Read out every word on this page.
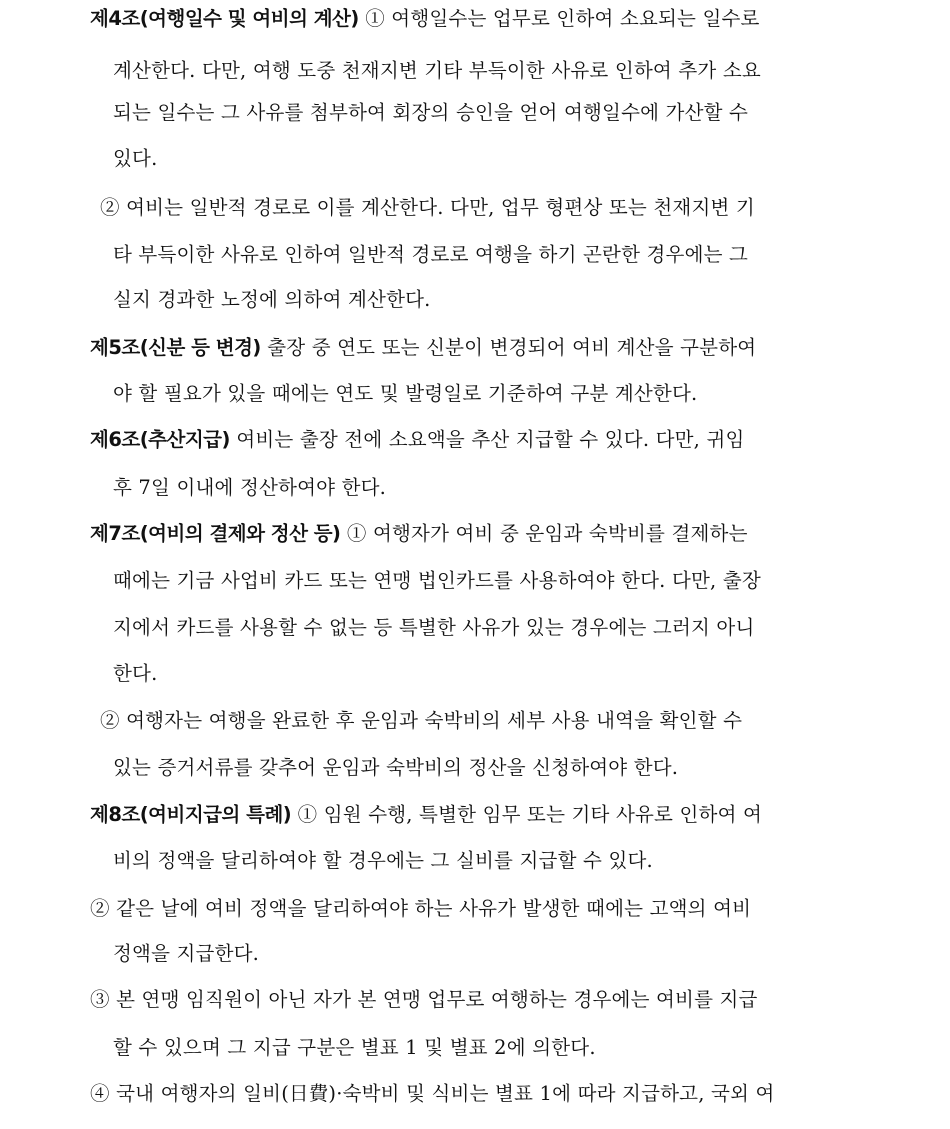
제4조(여행일수 및 여비의 계산) ① 여행일수는 업무로 인하여 소요되는 일수로
계산한다. 다만, 여행 도중 천재지변 기타 부득이한 사유로 인하여 추가 소요
되는 일수는 그 사유를 첨부하여 회장의 승인을 얻어 여행일수에 가산할 수
있다.
② 여비는 일반적 경로로 이를 계산한다. 다만, 업무 형편상 또는 천재지변 기
타 부득이한 사유로 인하여 일반적 경로로 여행을 하기 곤란한 경우에는 그
실지 경과한 노정에 의하여 계산한다.
제5조(신분 등 변경) 출장 중 연도 또는 신분이 변경되어 여비 계산을 구분하여
야 할 필요가 있을 때에는 연도 및 발령일로 기준하여 구분 계산한다.
제6조(추산지급) 여비는 출장 전에 소요액을 추산 지급할 수 있다. 다만, 귀임
후 7일 이내에 정산하여야 한다.
제7조(여비의 결제와 정산 등) ① 여행자가 여비 중 운임과 숙박비를 결제하는
때에는 기금 사업비 카드 또는 연맹 법인카드를 사용하여야 한다. 다만, 출장
지에서 카드를 사용할 수 없는 등 특별한 사유가 있는 경우에는 그러지 아니
한다.
② 여행자는 여행을 완료한 후 운임과 숙박비의 세부 사용 내역을 확인할 수
있는 증거서류를 갖추어 운임과 숙박비의 정산을 신청하여야 한다.
제8조(여비지급의 특례) ① 임원 수행, 특별한 임무 또는 기타 사유로 인하여 여
비의 정액을 달리하여야 할 경우에는 그 실비를 지급할 수 있다.
② 같은 날에 여비 정액을 달리하여야 하는 사유가 발생한 때에는 고액의 여비
정액을 지급한다.
③ 본 연맹 임직원이 아닌 자가 본 연맹 업무로 여행하는 경우에는 여비를 지급
할 수 있으며 그 지급 구분은 별표 1 및 별표 2에 의한다.
④ 국내 여행자의 일비(日費)·숙박비 및 식비는 별표 1에 따라 지급하고, 국외 여
